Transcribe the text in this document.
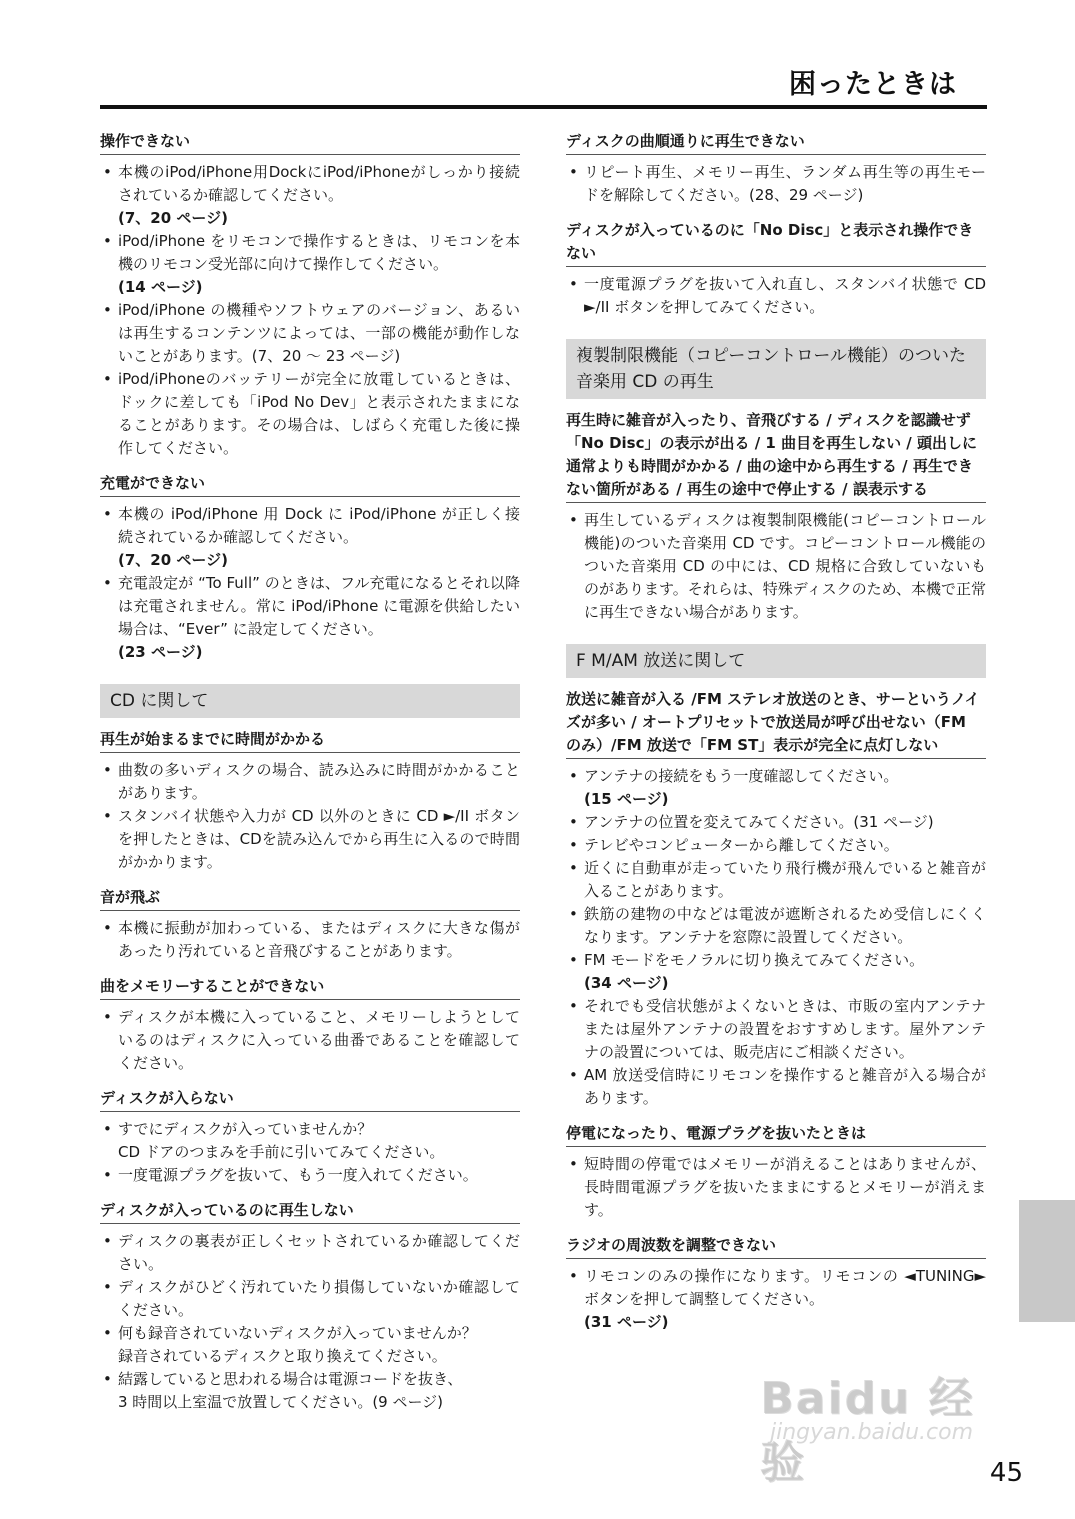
困ったときは
操作できない
• 本機のiPod/iPhone用DockにiPod/iPhoneがしっかり接続されているか確認してください。
(7、20 ページ)
• iPod/iPhone をリモコンで操作するときは、リモコンを本機のリモコン受光部に向けて操作してください。
(14 ページ)
• iPod/iPhone の機種やソフトウェアのバージョン、あるいは再生するコンテンツによっては、一部の機能が動作しないことがあります。(7、20 ～ 23 ページ)
• iPod/iPhoneのバッテリーが完全に放電しているときは、ドックに差しても「iPod No Dev」と表示されたままになることがあります。その場合は、しばらく充電した後に操作してください。
充電ができない
• 本機の iPod/iPhone 用 Dock に iPod/iPhone が正しく接続されているか確認してください。
(7、20 ページ)
• 充電設定が “To Full” のときは、フル充電になるとそれ以降は充電されません。常に iPod/iPhone に電源を供給したい場合は、“Ever” に設定してください。
(23 ページ)
CD に関して
再生が始まるまでに時間がかかる
• 曲数の多いディスクの場合、読み込みに時間がかかることがあります。
• スタンバイ状態や入力が CD 以外のときに CD ►/II ボタンを押したときは、CDを読み込んでから再生に入るので時間がかかります。
音が飛ぶ
• 本機に振動が加わっている、またはディスクに大きな傷があったり汚れていると音飛びすることがあります。
曲をメモリーすることができない
• ディスクが本機に入っていること、メモリーしようとしているのはディスクに入っている曲番であることを確認してください。
ディスクが入らない
• すでにディスクが入っていませんか？
CD ドアのつまみを手前に引いてみてください。
• 一度電源プラグを抜いて、もう一度入れてください。
ディスクが入っているのに再生しない
• ディスクの裏表が正しくセットされているか確認してください。
• ディスクがひどく汚れていたり損傷していないか確認してください。
• 何も録音されていないディスクが入っていませんか？
録音されているディスクと取り換えてください。
• 結露していると思われる場合は電源コードを抜き、
3 時間以上室温で放置してください。(9 ページ)
ディスクの曲順通りに再生できない
• リピート再生、メモリー再生、ランダム再生等の再生モードを解除してください。(28、29 ページ)
ディスクが入っているのに「No Disc」と表示され操作できない
• 一度電源プラグを抜いて入れ直し、スタンバイ状態で CD ►/II ボタンを押してみてください。
複製制限機能（コピーコントロール機能）のついた音楽用 CD の再生
再生時に雑音が入ったり、音飛びする / ディスクを認識せず「No Disc」の表示が出る / 1 曲目を再生しない / 頭出しに通常よりも時間がかかる / 曲の途中から再生する / 再生できない箇所がある / 再生の途中で停止する / 誤表示する
• 再生しているディスクは複製制限機能(コピーコントロール機能)のついた音楽用 CD です。コピーコントロール機能のついた音楽用 CD の中には、CD 規格に合致していないものがあります。それらは、特殊ディスクのため、本機で正常に再生できない場合があります。
F M/AM 放送に関して
放送に雑音が入る /FM ステレオ放送のとき、サーというノイズが多い / オートプリセットで放送局が呼び出せない（FM のみ）/FM 放送で「FM ST」表示が完全に点灯しない
• アンテナの接続をもう一度確認してください。
(15 ページ)
• アンテナの位置を変えてみてください。(31 ページ)
• テレビやコンピューターから離してください。
• 近くに自動車が走っていたり飛行機が飛んでいると雑音が入ることがあります。
• 鉄筋の建物の中などは電波が遮断されるため受信しにくくなります。アンテナを窓際に設置してください。
• FM モードをモノラルに切り換えてみてください。
(34 ページ)
• それでも受信状態がよくないときは、市販の室内アンテナまたは屋外アンテナの設置をおすすめします。屋外アンテナの設置については、販売店にご相談ください。
• AM 放送受信時にリモコンを操作すると雑音が入る場合があります。
停電になったり、電源プラグを抜いたときは
• 短時間の停電ではメモリーが消えることはありませんが、長時間電源プラグを抜いたままにするとメモリーが消えます。
ラジオの周波数を調整できない
• リモコンのみの操作になります。リモコンの ◄TUNING► ボタンを押して調整してください。
(31 ページ)
Baidu 经验
jingyan.baidu.com
45
